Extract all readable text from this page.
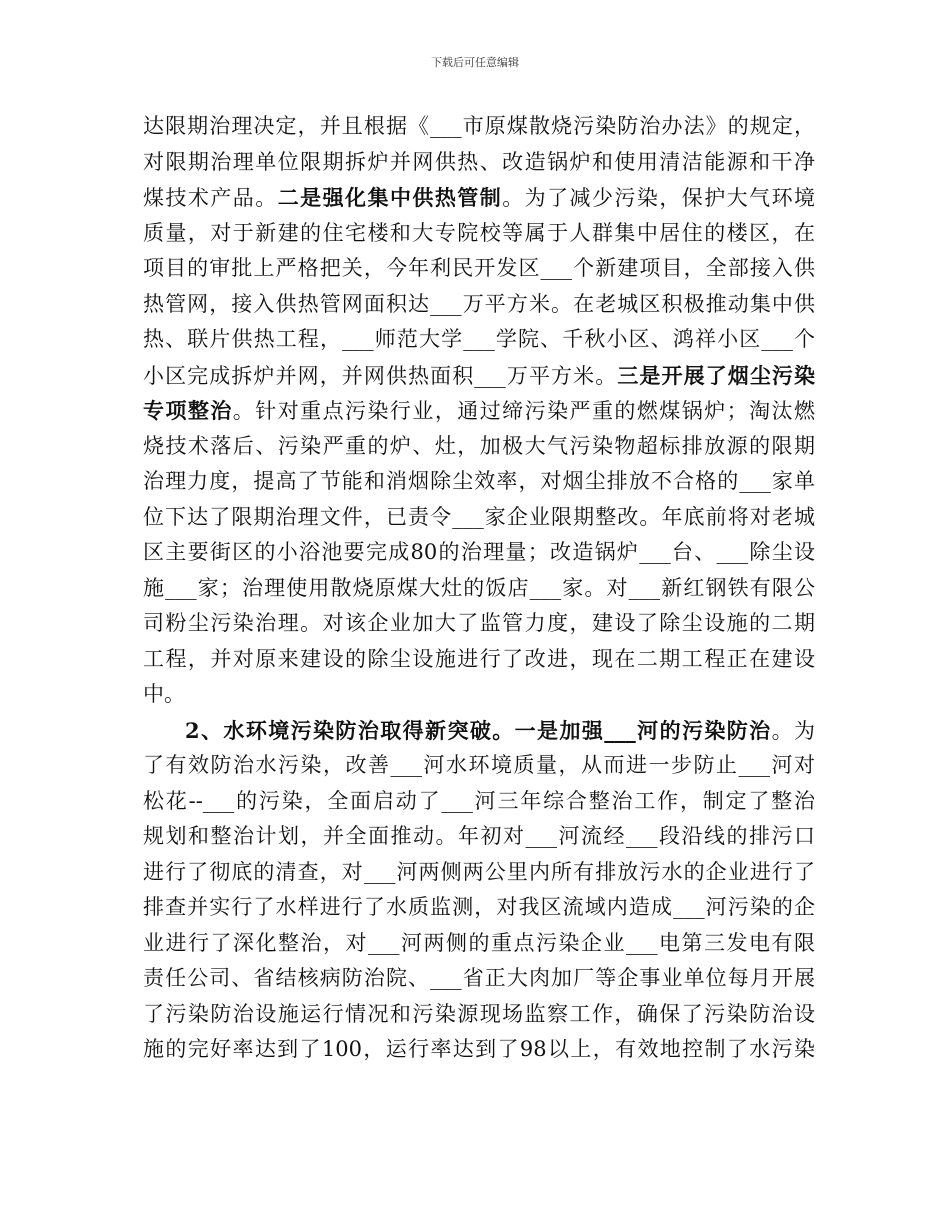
下载后可任意编辑
达限期治理决定，并且根据《___市原煤散烧污染防治办法》的规定，
对限期治理单位限期拆炉并网供热、改造锅炉和使用清洁能源和干净
煤技术产品。二是强化集中供热管制。为了减少污染，保护大气环境
质量，对于新建的住宅楼和大专院校等属于人群集中居住的楼区，在
项目的审批上严格把关，今年利民开发区___个新建项目，全部接入供
热管网，接入供热管网面积达___万平方米。在老城区积极推动集中供
热、联片供热工程，___师范大学___学院、千秋小区、鸿祥小区___个
小区完成拆炉并网，并网供热面积___万平方米。三是开展了烟尘污染
专项整治。针对重点污染行业，通过缔污染严重的燃煤锅炉；淘汰燃
烧技术落后、污染严重的炉、灶，加极大气污染物超标排放源的限期
治理力度，提高了节能和消烟除尘效率，对烟尘排放不合格的___家单
位下达了限期治理文件，已责令___家企业限期整改。年底前将对老城
区主要街区的小浴池要完成80的治理量；改造锅炉___台、___除尘设
施___家；治理使用散烧原煤大灶的饭店___家。对___新红钢铁有限公
司粉尘污染治理。对该企业加大了监管力度，建设了除尘设施的二期
工程，并对原来建设的除尘设施进行了改进，现在二期工程正在建设
中。
2、水环境污染防治取得新突破。一是加强___河的污染防治。为
了有效防治水污染，改善___河水环境质量，从而进一步防止___河对
松花--___的污染，全面启动了___河三年综合整治工作，制定了整治
规划和整治计划，并全面推动。年初对___河流经___段沿线的排污口
进行了彻底的清查，对___河两侧两公里内所有排放污水的企业进行了
排查并实行了水样进行了水质监测，对我区流域内造成___河污染的企
业进行了深化整治，对___河两侧的重点污染企业___电第三发电有限
责任公司、省结核病防治院、___省正大肉加厂等企事业单位每月开展
了污染防治设施运行情况和污染源现场监察工作，确保了污染防治设
施的完好率达到了100，运行率达到了98以上，有效地控制了水污染
